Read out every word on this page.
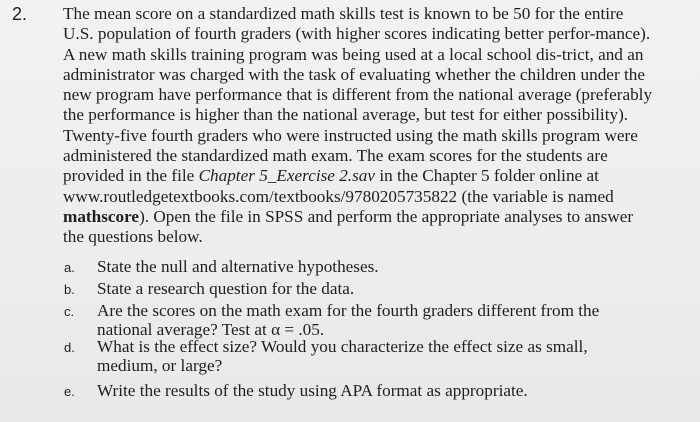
2. The mean score on a standardized math skills test is known to be 50 for the entire
U.S. population of fourth graders (with higher scores indicating better perfor-mance).
A new math skills training program was being used at a local school dis-trict, and an
administrator was charged with the task of evaluating whether the children under the
new program have performance that is different from the national average (preferably
the performance is higher than the national average, but test for either possibility).
Twenty-five fourth graders who were instructed using the math skills program were
administered the standardized math exam. The exam scores for the students are
provided in the file Chapter 5_Exercise 2.sav in the Chapter 5 folder online at
www.routledgetextbooks.com/textbooks/9780205735822 (the variable is named
mathscore). Open the file in SPSS and perform the appropriate analyses to answer
the questions below.
a. State the null and alternative hypotheses.
b. State a research question for the data.
c. Are the scores on the math exam for the fourth graders different from the
national average? Test at α = .05.
d. What is the effect size? Would you characterize the effect size as small,
medium, or large?
e. Write the results of the study using APA format as appropriate.
